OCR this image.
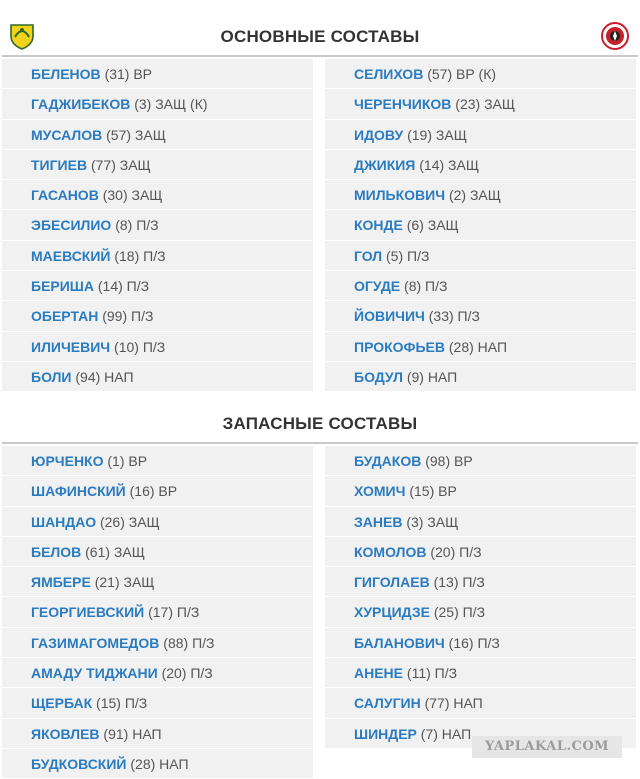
ОСНОВНЫЕ СОСТАВЫ
БЕЛЕНОВ (31) ВР
ГАДЖИБЕКОВ (3) ЗАЩ (К)
МУСАЛОВ (57) ЗАЩ
ТИГИЕВ (77) ЗАЩ
ГАСАНОВ (30) ЗАЩ
ЭБЕСИЛИО (8) П/З
МАЕВСКИЙ (18) П/З
БЕРИША (14) П/З
ОБЕРТАН (99) П/З
ИЛИЧЕВИЧ (10) П/З
БОЛИ (94) НАП
СЕЛИХОВ (57) ВР (К)
ЧЕРЕНЧИКОВ (23) ЗАЩ
ИДОВУ (19) ЗАЩ
ДЖИКИЯ (14) ЗАЩ
МИЛЬКОВИЧ (2) ЗАЩ
КОНДЕ (6) ЗАЩ
ГОЛ (5) П/З
ОГУДЕ (8) П/З
ЙОВИЧИЧ (33) П/З
ПРОКОФЬЕВ (28) НАП
БОДУЛ (9) НАП
ЗАПАСНЫЕ СОСТАВЫ
ЮРЧЕНКО (1) ВР
ШАФИНСКИЙ (16) ВР
ШАНДАО (26) ЗАЩ
БЕЛОВ (61) ЗАЩ
ЯМБЕРЕ (21) ЗАЩ
ГЕОРГИЕВСКИЙ (17) П/З
ГАЗИМАГОМЕДОВ (88) П/З
АМАДУ ТИДЖАНИ (20) П/З
ЩЕРБАК (15) П/З
ЯКОВЛЕВ (91) НАП
БУДКОВСКИЙ (28) НАП
БУДАКОВ (98) ВР
ХОМИЧ (15) ВР
ЗАНЕВ (3) ЗАЩ
КОМОЛОВ (20) П/З
ГИГОЛАЕВ (13) П/З
ХУРЦИДЗЕ (25) П/З
БАЛАНОВИЧ (16) П/З
АНЕНЕ (11) П/З
САЛУГИН (77) НАП
ШИНДЕР (7) НАП
YAPLAKAL.COM
